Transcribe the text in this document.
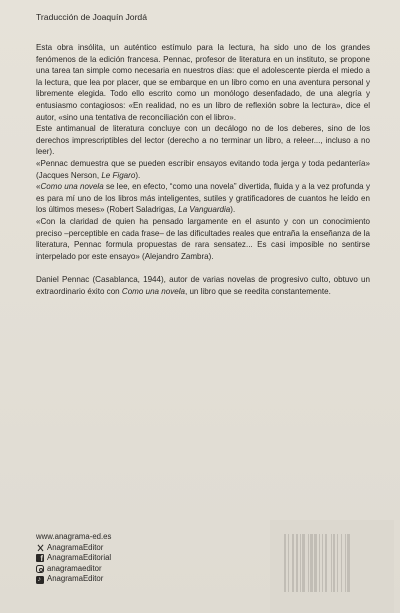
Traducción de Joaquín Jordá

Esta obra insólita, un auténtico estímulo para la lectura, ha sido uno de los grandes fenómenos de la edición francesa. Pennac, profesor de literatura en un instituto, se propone una tarea tan simple como necesaria en nuestros días: que el adolescente pierda el miedo a la lectura, que lea por placer, que se embarque en un libro como en una aventura personal y libremente elegida. Todo ello escrito como un monólogo desenfadado, de una alegría y entusiasmo contagiosos: «En realidad, no es un libro de reflexión sobre la lectura», dice el autor, «sino una tentativa de reconciliación con el libro».

Este antimanual de literatura concluye con un decálogo no de los deberes, sino de los derechos imprescriptibles del lector (derecho a no terminar un libro, a releer..., incluso a no leer).

«Pennac demuestra que se pueden escribir ensayos evitando toda jerga y toda pedantería» (Jacques Nerson, Le Figaro).

«Como una novela se lee, en efecto, “como una novela” divertida, fluida y a la vez profunda y es para mí uno de los libros más inteligentes, sutiles y gratificadores de cuantos he leído en los últimos meses» (Robert Saladrigas, La Vanguardia).

«Con la claridad de quien ha pensado largamente en el asunto y con un conocimiento preciso –perceptible en cada frase– de las dificultades reales que entraña la enseñanza de la literatura, Pennac formula propuestas de rara sensatez... Es casi imposible no sentirse interpelado por este ensayo» (Alejandro Zambra).

Daniel Pennac (Casablanca, 1944), autor de varias novelas de progresivo culto, obtuvo un extraordinario éxito con Como una novela, un libro que se reedita constantemente.

www.anagrama-ed.es
AnagramaEditor
f
AnagramaEditorial
anagramaeditor
♪
AnagramaEditor
